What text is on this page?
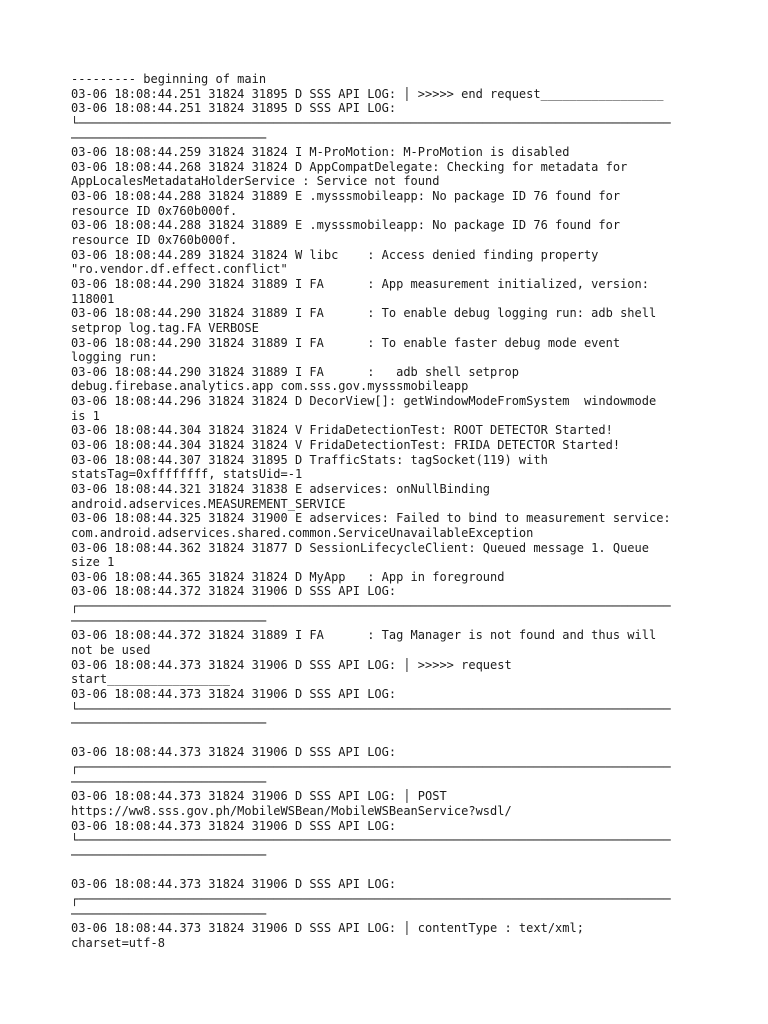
--------- beginning of main
03-06 18:08:44.251 31824 31895 D SSS API LOG: │ >>>>> end request_________________
03-06 18:08:44.251 31824 31895 D SSS API LOG:
└──────────────────────────────────────────────────────────────────────────────────
───────────────────────────
03-06 18:08:44.259 31824 31824 I M-ProMotion: M-ProMotion is disabled
03-06 18:08:44.268 31824 31824 D AppCompatDelegate: Checking for metadata for
AppLocalesMetadataHolderService : Service not found
03-06 18:08:44.288 31824 31889 E .mysssmobileapp: No package ID 76 found for
resource ID 0x760b000f.
03-06 18:08:44.288 31824 31889 E .mysssmobileapp: No package ID 76 found for
resource ID 0x760b000f.
03-06 18:08:44.289 31824 31824 W libc    : Access denied finding property
"ro.vendor.df.effect.conflict"
03-06 18:08:44.290 31824 31889 I FA      : App measurement initialized, version:
118001
03-06 18:08:44.290 31824 31889 I FA      : To enable debug logging run: adb shell
setprop log.tag.FA VERBOSE
03-06 18:08:44.290 31824 31889 I FA      : To enable faster debug mode event
logging run:
03-06 18:08:44.290 31824 31889 I FA      :   adb shell setprop
debug.firebase.analytics.app com.sss.gov.mysssmobileapp
03-06 18:08:44.296 31824 31824 D DecorView[]: getWindowModeFromSystem  windowmode
is 1
03-06 18:08:44.304 31824 31824 V FridaDetectionTest: ROOT DETECTOR Started!
03-06 18:08:44.304 31824 31824 V FridaDetectionTest: FRIDA DETECTOR Started!
03-06 18:08:44.307 31824 31895 D TrafficStats: tagSocket(119) with
statsTag=0xffffffff, statsUid=-1
03-06 18:08:44.321 31824 31838 E adservices: onNullBinding
android.adservices.MEASUREMENT_SERVICE
03-06 18:08:44.325 31824 31900 E adservices: Failed to bind to measurement service:
com.android.adservices.shared.common.ServiceUnavailableException
03-06 18:08:44.362 31824 31877 D SessionLifecycleClient: Queued message 1. Queue
size 1
03-06 18:08:44.365 31824 31824 D MyApp   : App in foreground
03-06 18:08:44.372 31824 31906 D SSS API LOG:
┌──────────────────────────────────────────────────────────────────────────────────
───────────────────────────
03-06 18:08:44.372 31824 31889 I FA      : Tag Manager is not found and thus will
not be used
03-06 18:08:44.373 31824 31906 D SSS API LOG: │ >>>>> request
start_________________
03-06 18:08:44.373 31824 31906 D SSS API LOG:
└──────────────────────────────────────────────────────────────────────────────────
───────────────────────────
03-06 18:08:44.373 31824 31906 D SSS API LOG:
┌──────────────────────────────────────────────────────────────────────────────────
───────────────────────────
03-06 18:08:44.373 31824 31906 D SSS API LOG: │ POST
https://ww8.sss.gov.ph/MobileWSBean/MobileWSBeanService?wsdl/
03-06 18:08:44.373 31824 31906 D SSS API LOG:
└──────────────────────────────────────────────────────────────────────────────────
───────────────────────────
03-06 18:08:44.373 31824 31906 D SSS API LOG:
┌──────────────────────────────────────────────────────────────────────────────────
───────────────────────────
03-06 18:08:44.373 31824 31906 D SSS API LOG: │ contentType : text/xml;
charset=utf-8
